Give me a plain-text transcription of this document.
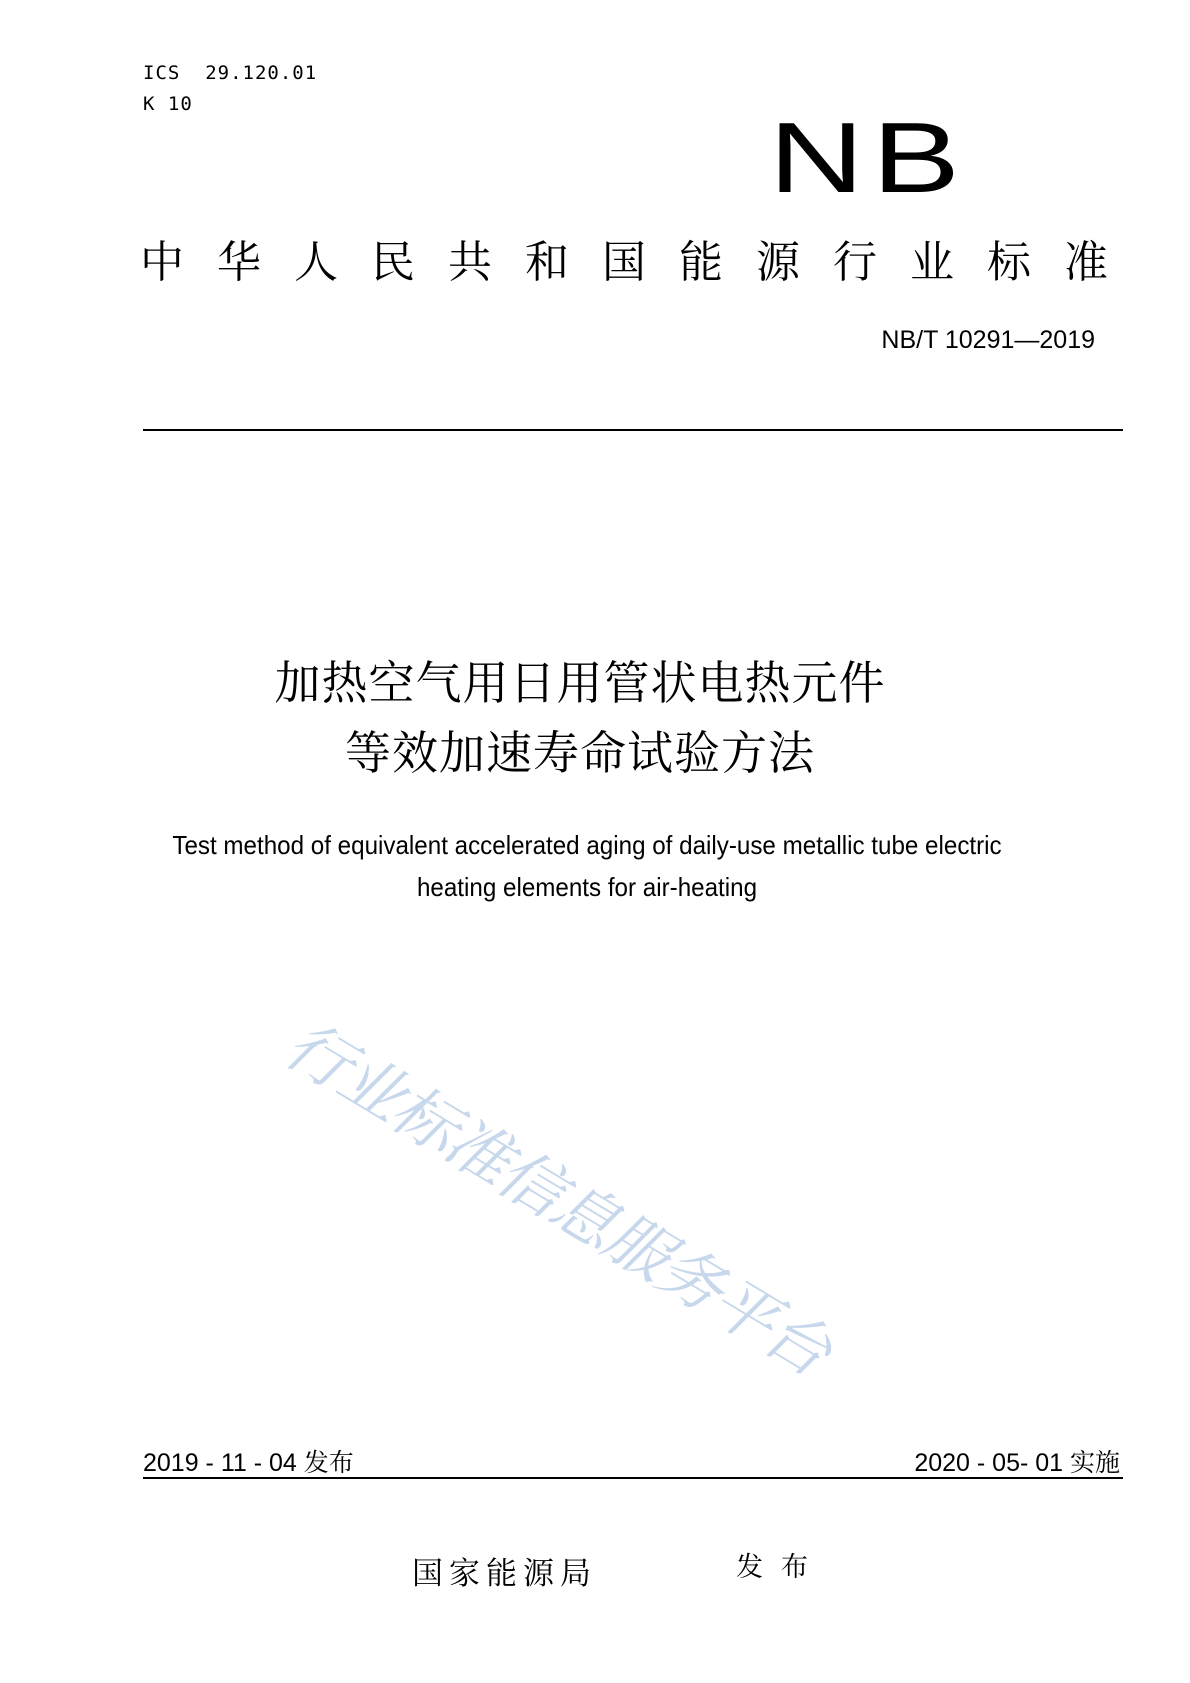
ICS  29.120.01
K 10	NB
中华人民共和国能源行业标准
NB/T 10291—2019
加热空气用日用管状电热元件
等效加速寿命试验方法
Test method of equivalent accelerated aging of daily-use metallic tube electric
heating elements for air-heating
行业标准信息服务平台
2019 - 11 - 04 发布	2020 - 05- 01 实施
国家能源局	发布
